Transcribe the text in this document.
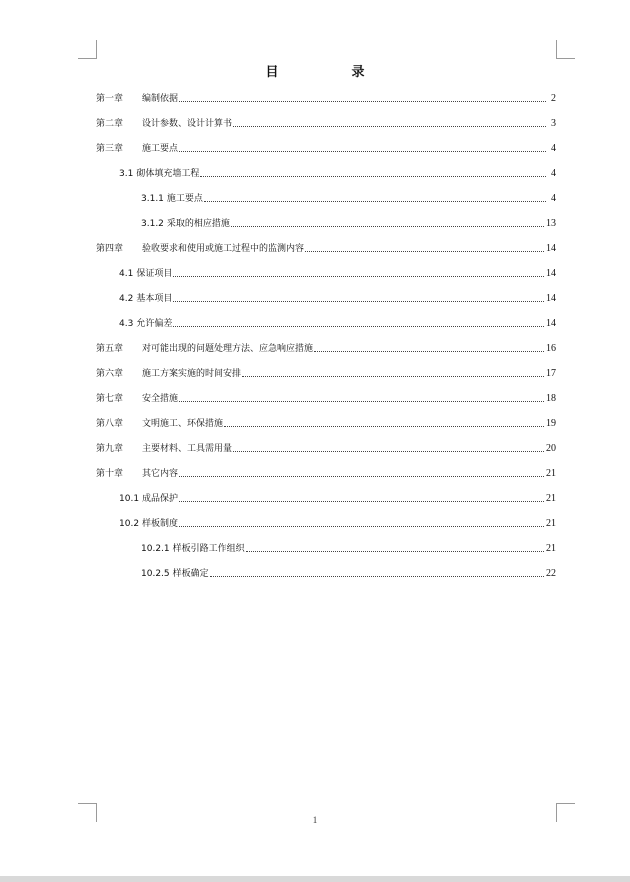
目　录
第一章	编制依据	2
第二章	设计参数、设计计算书	3
第三章	施工要点	4
3.1 砌体填充墙工程	4
3.1.1 施工要点	4
3.1.2 采取的相应措施	13
第四章	验收要求和使用或施工过程中的监测内容	14
4.1 保证项目	14
4.2 基本项目	14
4.3 允许偏差	14
第五章	对可能出现的问题处理方法、应急响应措施	16
第六章	施工方案实施的时间安排	17
第七章	安全措施	18
第八章	文明施工、环保措施	19
第九章	主要材料、工具需用量	20
第十章	其它内容	21
10.1 成品保护	21
10.2 样板制度	21
10.2.1 样板引路工作组织	21
10.2.5 样板确定	22
1
